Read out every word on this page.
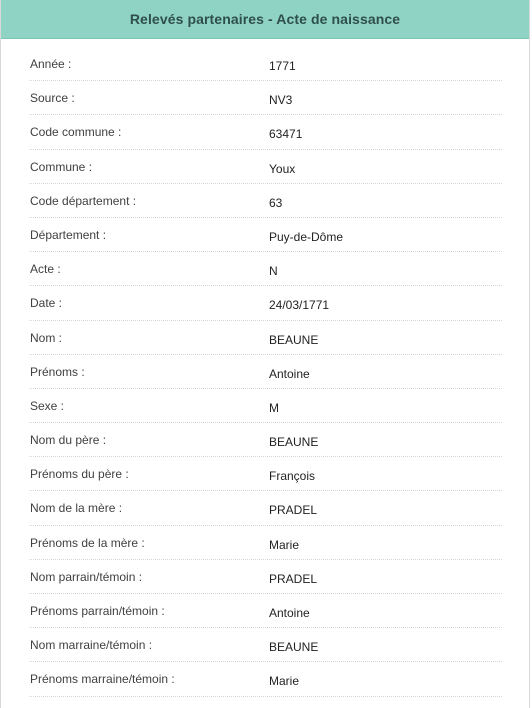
Relevés partenaires - Acte de naissance
Année :	1771
Source :	NV3
Code commune :	63471
Commune :	Youx
Code département :	63
Département :	Puy-de-Dôme
Acte :	N
Date :	24/03/1771
Nom :	BEAUNE
Prénoms :	Antoine
Sexe :	M
Nom du père :	BEAUNE
Prénoms du père :	François
Nom de la mère :	PRADEL
Prénoms de la mère :	Marie
Nom parrain/témoin :	PRADEL
Prénoms parrain/témoin :	Antoine
Nom marraine/témoin :	BEAUNE
Prénoms marraine/témoin :	Marie
